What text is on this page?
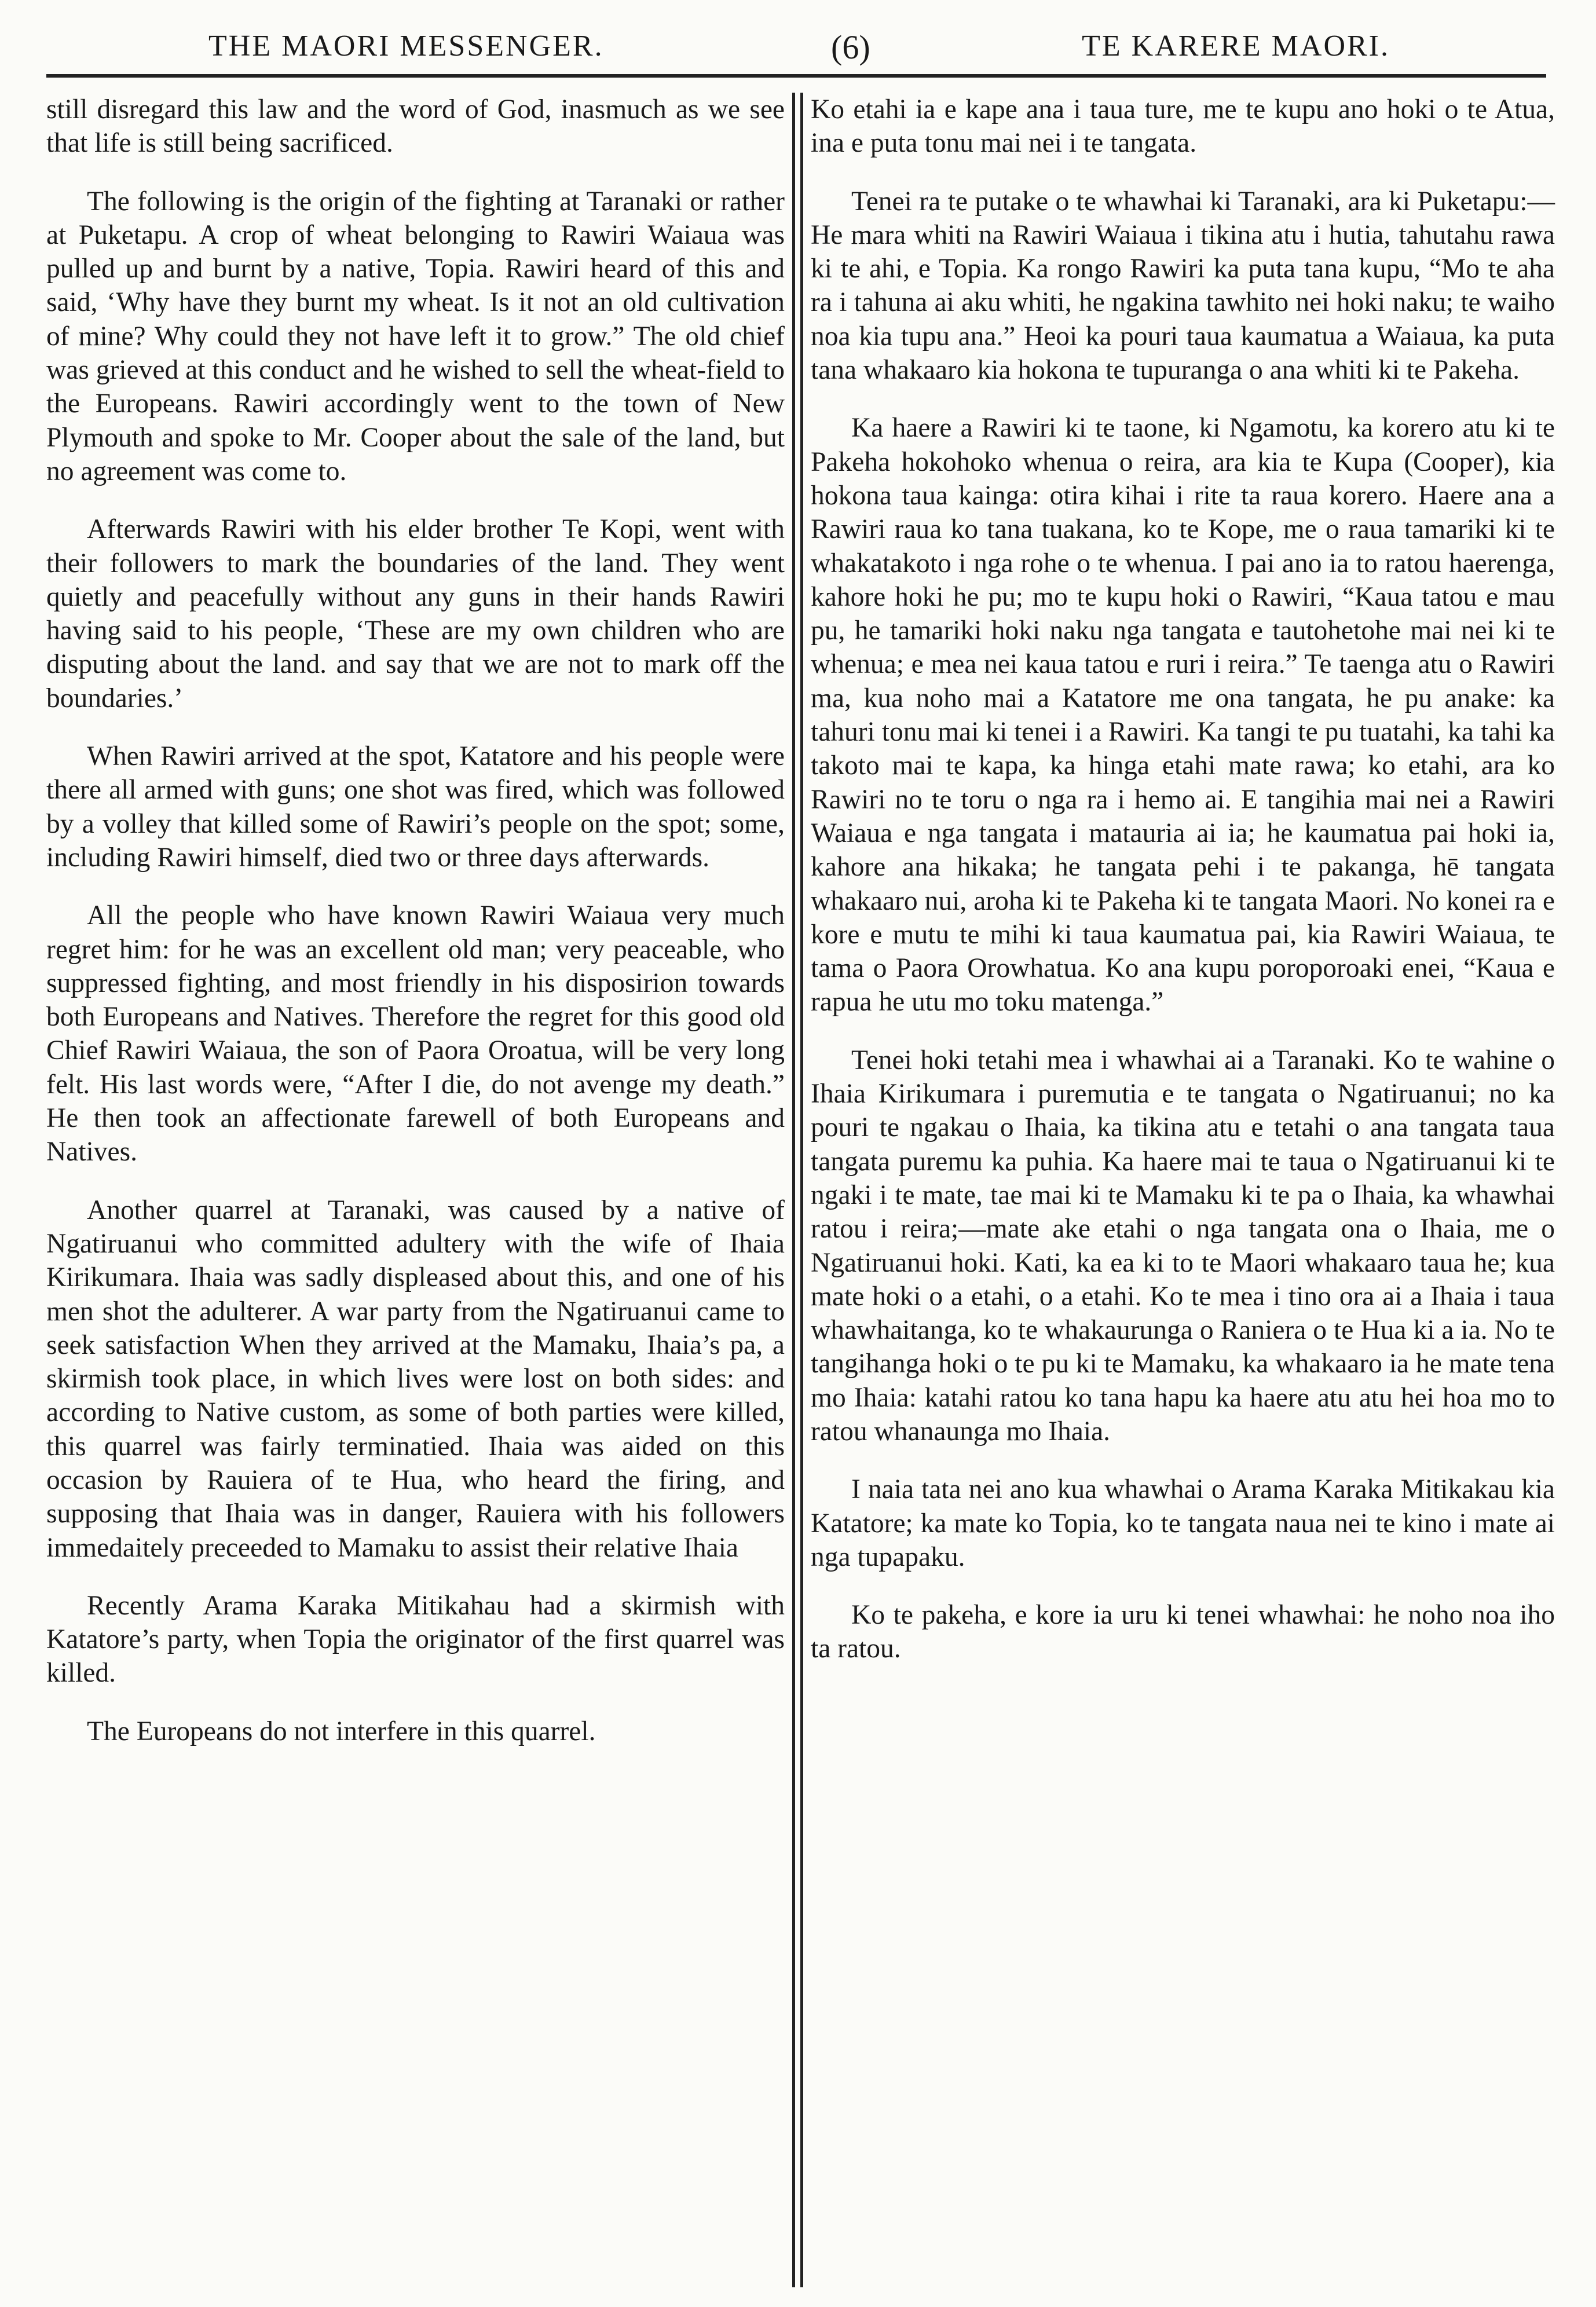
THE MAORI MESSENGER.	(6)	TE KARERE MAORI.

still disregard this law and the word of God, inasmuch as we see that life is still being sacrificed.

The following is the origin of the fighting at Taranaki or rather at Puketapu. A crop of wheat belonging to Rawiri Waiaua was pulled up and burnt by a native, Topia. Rawiri heard of this and said, ‘Why have they burnt my wheat. Is it not an old cultivation of mine? Why could they not have left it to grow.” The old chief was grieved at this conduct and he wished to sell the wheat-field to the Europeans. Rawiri accordingly went to the town of New Plymouth and spoke to Mr. Cooper about the sale of the land, but no agreement was come to.

Afterwards Rawiri with his elder brother Te Kopi, went with their followers to mark the boundaries of the land. They went quietly and peacefully without any guns in their hands Rawiri having said to his people, ‘These are my own children who are disputing about the land. and say that we are not to mark off the boundaries.’

When Rawiri arrived at the spot, Katatore and his people were there all armed with guns; one shot was fired, which was followed by a volley that killed some of Rawiri’s people on the spot; some, including Rawiri himself, died two or three days afterwards.

All the people who have known Rawiri Waiaua very much regret him: for he was an excellent old man; very peaceable, who suppressed fighting, and most friendly in his disposirion towards both Europeans and Natives. Therefore the regret for this good old Chief Rawiri Waiaua, the son of Paora Oroatua, will be very long felt. His last words were, “After I die, do not avenge my death.” He then took an affectionate farewell of both Europeans and Natives.

Another quarrel at Taranaki, was caused by a native of Ngatiruanui who committed adultery with the wife of Ihaia Kirikumara. Ihaia was sadly displeased about this, and one of his men shot the adulterer. A war party from the Ngatiruanui came to seek satisfaction When they arrived at the Mamaku, Ihaia’s pa, a skirmish took place, in which lives were lost on both sides: and according to Native custom, as some of both parties were killed, this quarrel was fairly terminatied. Ihaia was aided on this occasion by Rauiera of te Hua, who heard the firing, and supposing that Ihaia was in danger, Rauiera with his followers immedaitely preceeded to Mamaku to assist their relative Ihaia

Recently Arama Karaka Mitikahau had a skirmish with Katatore’s party, when Topia the originator of the first quarrel was killed.

The Europeans do not interfere in this quarrel.

Ko etahi ia e kape ana i taua ture, me te kupu ano hoki o te Atua, ina e puta tonu mai nei i te tangata.

Tenei ra te putake o te whawhai ki Taranaki, ara ki Puketapu:— He mara whiti na Rawiri Waiaua i tikina atu i hutia, tahutahu rawa ki te ahi, e Topia. Ka rongo Rawiri ka puta tana kupu, “Mo te aha ra i tahuna ai aku whiti, he ngakina tawhito nei hoki naku; te waiho noa kia tupu ana.” Heoi ka pouri taua kaumatua a Waiaua, ka puta tana whakaaro kia hokona te tupuranga o ana whiti ki te Pakeha.

Ka haere a Rawiri ki te taone, ki Ngamotu, ka korero atu ki te Pakeha hokohoko whenua o reira, ara kia te Kupa (Cooper), kia hokona taua kainga: otira kihai i rite ta raua korero. Haere ana a Rawiri raua ko tana tuakana, ko te Kope, me o raua tamariki ki te whakatakoto i nga rohe o te whenua. I pai ano ia to ratou haerenga, kahore hoki he pu; mo te kupu hoki o Rawiri, “Kaua tatou e mau pu, he tamariki hoki naku nga tangata e tautohetohe mai nei ki te whenua; e mea nei kaua tatou e ruri i reira.” Te taenga atu o Rawiri ma, kua noho mai a Katatore me ona tangata, he pu anake: ka tahuri tonu mai ki tenei i a Rawiri. Ka tangi te pu tuatahi, ka tahi ka takoto mai te kapa, ka hinga etahi mate rawa; ko etahi, ara ko Rawiri no te toru o nga ra i hemo ai. E tangihia mai nei a Rawiri Waiaua e nga tangata i matauria ai ia; he kaumatua pai hoki ia, kahore ana hikaka; he tangata pehi i te pakanga, hē tangata whakaaro nui, aroha ki te Pakeha ki te tangata Maori. No konei ra e kore e mutu te mihi ki taua kaumatua pai, kia Rawiri Waiaua, te tama o Paora Orowhatua. Ko ana kupu poroporoaki enei, “Kaua e rapua he utu mo toku matenga.”

Tenei hoki tetahi mea i whawhai ai a Taranaki. Ko te wahine o Ihaia Kirikumara i puremutia e te tangata o Ngatiruanui; no ka pouri te ngakau o Ihaia, ka tikina atu e tetahi o ana tangata taua tangata puremu ka puhia. Ka haere mai te taua o Ngatiruanui ki te ngaki i te mate, tae mai ki te Mamaku ki te pa o Ihaia, ka whawhai ratou i reira;—mate ake etahi o nga tangata ona o Ihaia, me o Ngatiruanui hoki. Kati, ka ea ki to te Maori whakaaro taua he; kua mate hoki o a etahi, o a etahi. Ko te mea i tino ora ai a Ihaia i taua whawhaitanga, ko te whakaurunga o Raniera o te Hua ki a ia. No te tangihanga hoki o te pu ki te Mamaku, ka whakaaro ia he mate tena mo Ihaia: katahi ratou ko tana hapu ka haere atu atu hei hoa mo to ratou whanaunga mo Ihaia.

I naia tata nei ano kua whawhai o Arama Karaka Mitikakau kia Katatore; ka mate ko Topia, ko te tangata naua nei te kino i mate ai nga tupapaku.

Ko te pakeha, e kore ia uru ki tenei whawhai: he noho noa iho ta ratou.
